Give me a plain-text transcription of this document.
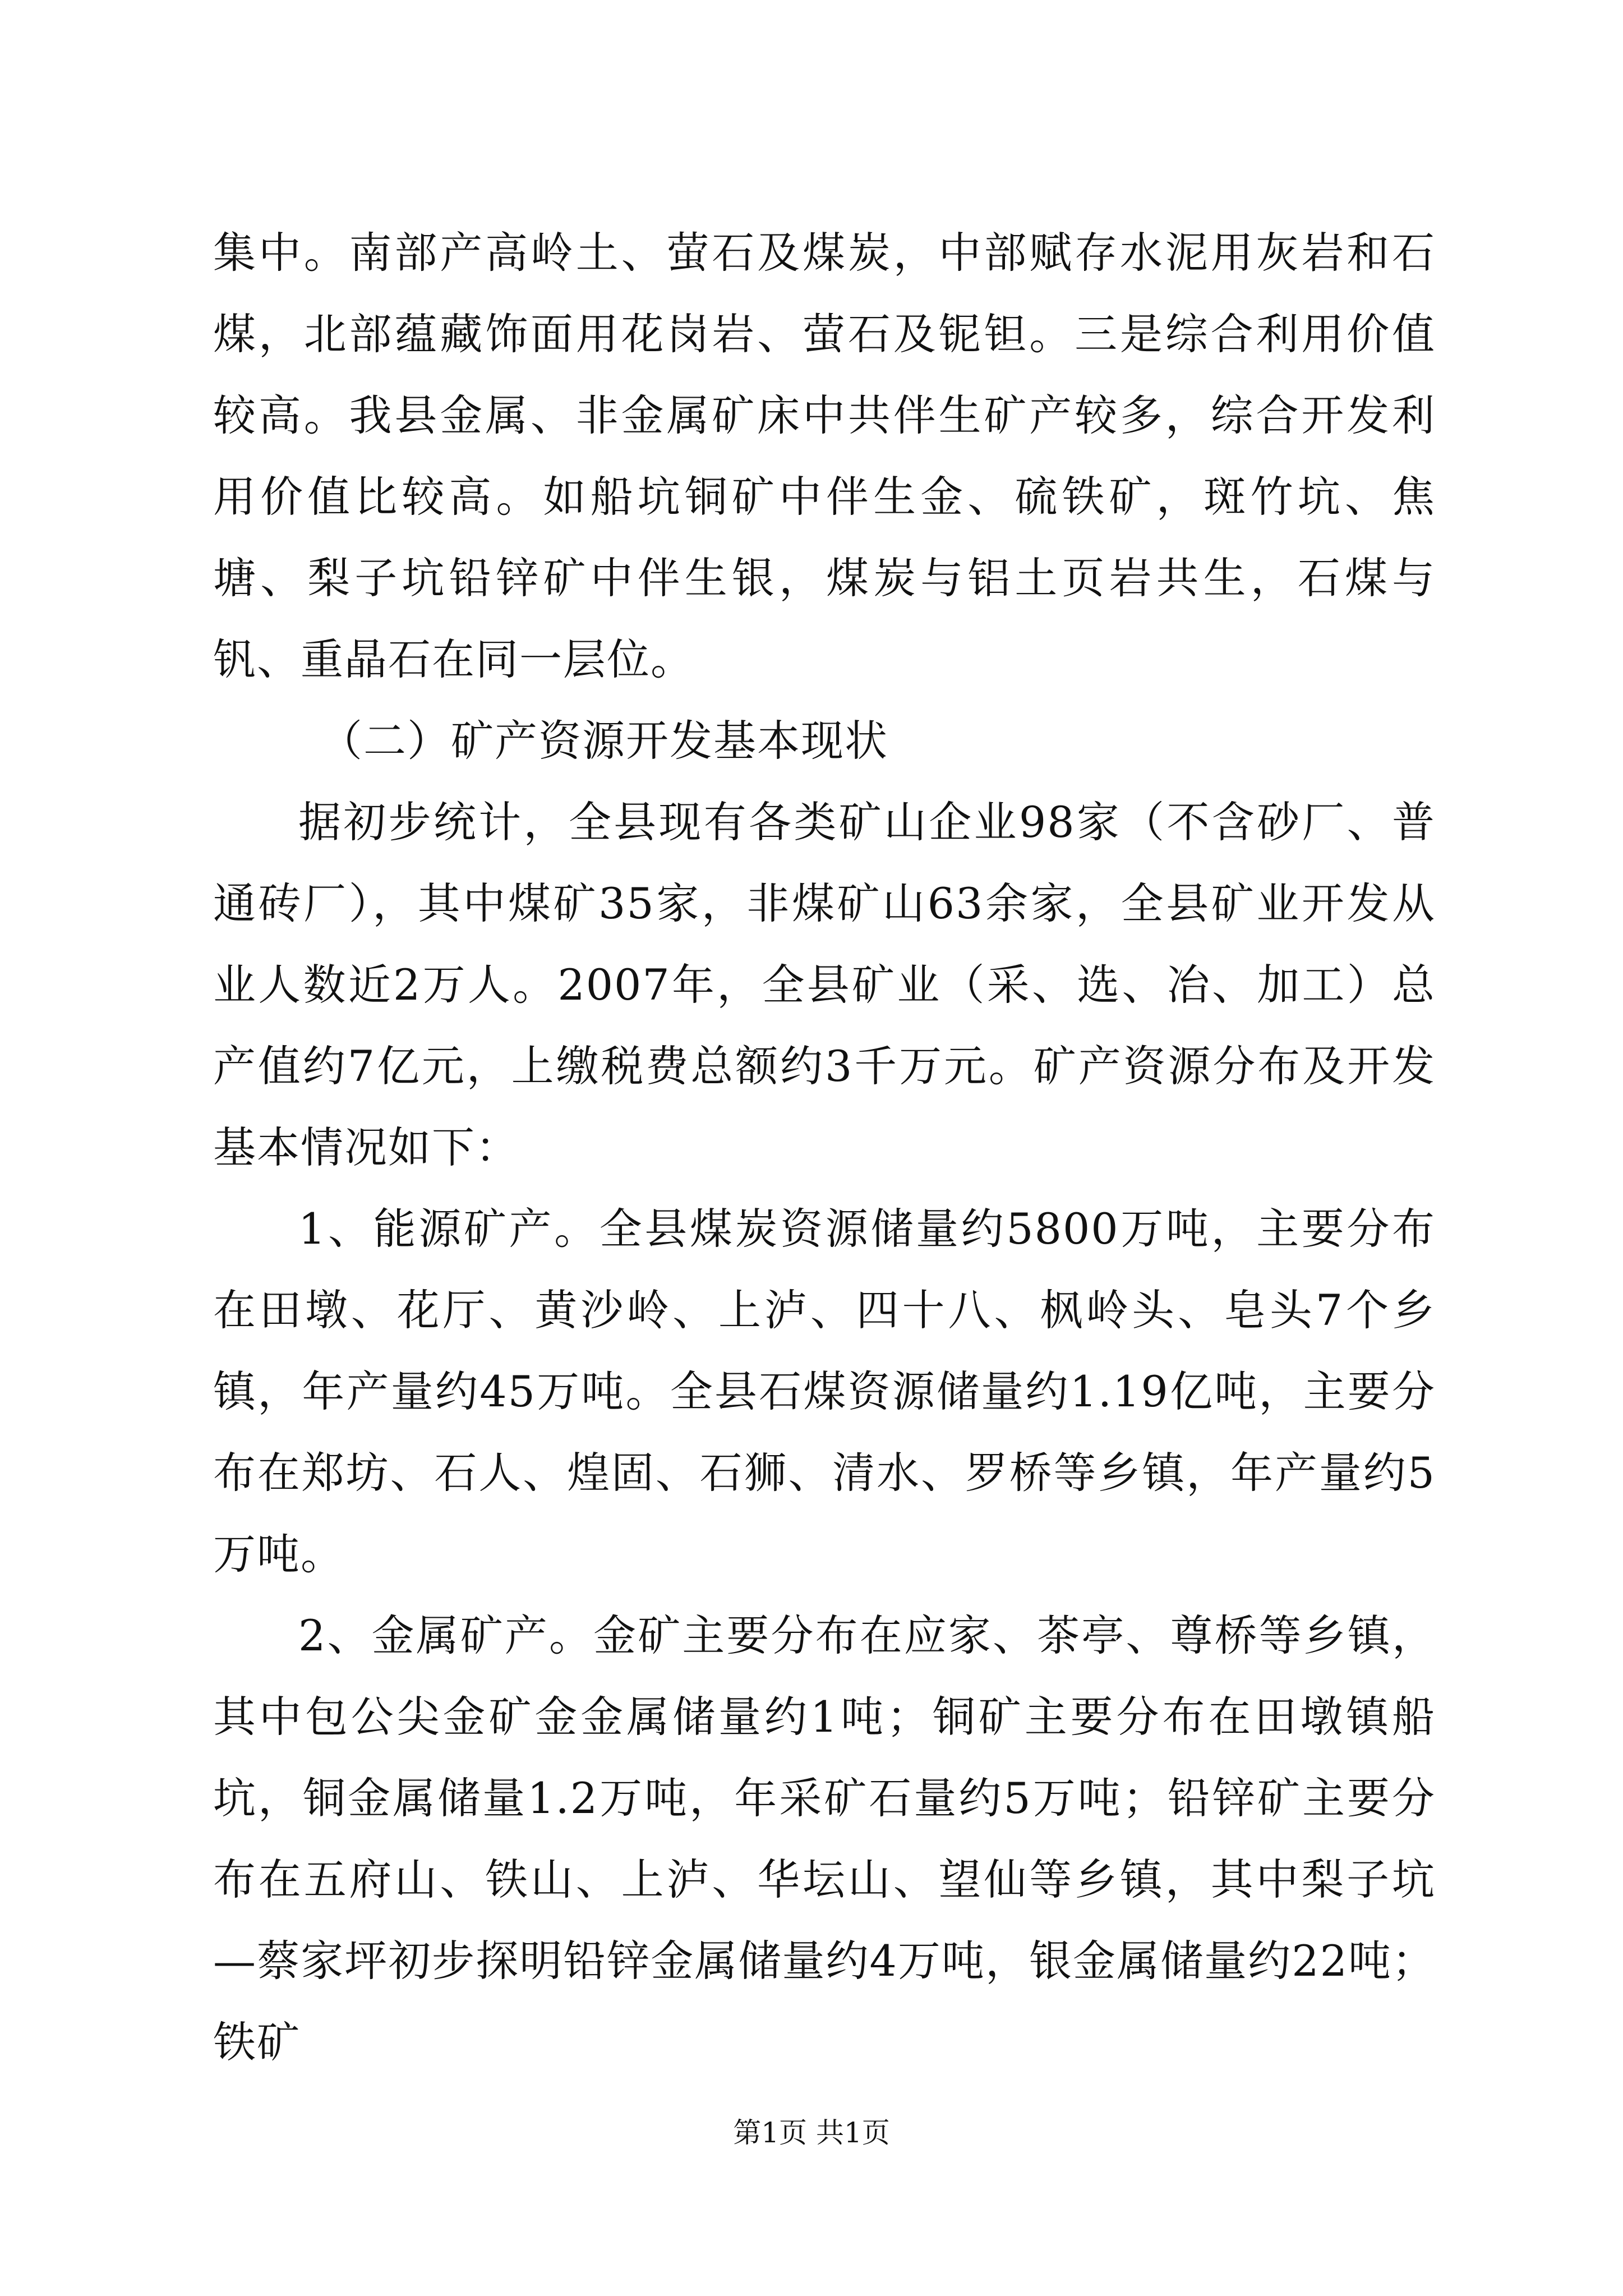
集中。南部产高岭土、萤石及煤炭，中部赋存水泥用灰岩和石煤，北部蕴藏饰面用花岗岩、萤石及铌钽。三是综合利用价值较高。我县金属、非金属矿床中共伴生矿产较多，综合开发利用价值比较高。如船坑铜矿中伴生金、硫铁矿，斑竹坑、焦塘、梨子坑铅锌矿中伴生银，煤炭与铝土页岩共生，石煤与钒、重晶石在同一层位。

（二）矿产资源开发基本现状

据初步统计，全县现有各类矿山企业98家（不含砂厂、普通砖厂），其中煤矿35家，非煤矿山63余家，全县矿业开发从业人数近2万人。2007年，全县矿业（采、选、冶、加工）总产值约7亿元，上缴税费总额约3千万元。矿产资源分布及开发基本情况如下：

1、能源矿产。全县煤炭资源储量约5800万吨，主要分布在田墩、花厅、黄沙岭、上泸、四十八、枫岭头、皂头7个乡镇，年产量约45万吨。全县石煤资源储量约1.19亿吨，主要分布在郑坊、石人、煌固、石狮、清水、罗桥等乡镇，年产量约5万吨。

2、金属矿产。金矿主要分布在应家、茶亭、尊桥等乡镇，其中包公尖金矿金金属储量约1吨；铜矿主要分布在田墩镇船坑，铜金属储量1.2万吨，年采矿石量约5万吨；铅锌矿主要分布在五府山、铁山、上泸、华坛山、望仙等乡镇，其中梨子坑—蔡家坪初步探明铅锌金属储量约4万吨，银金属储量约22吨；铁矿

第1页 共1页
